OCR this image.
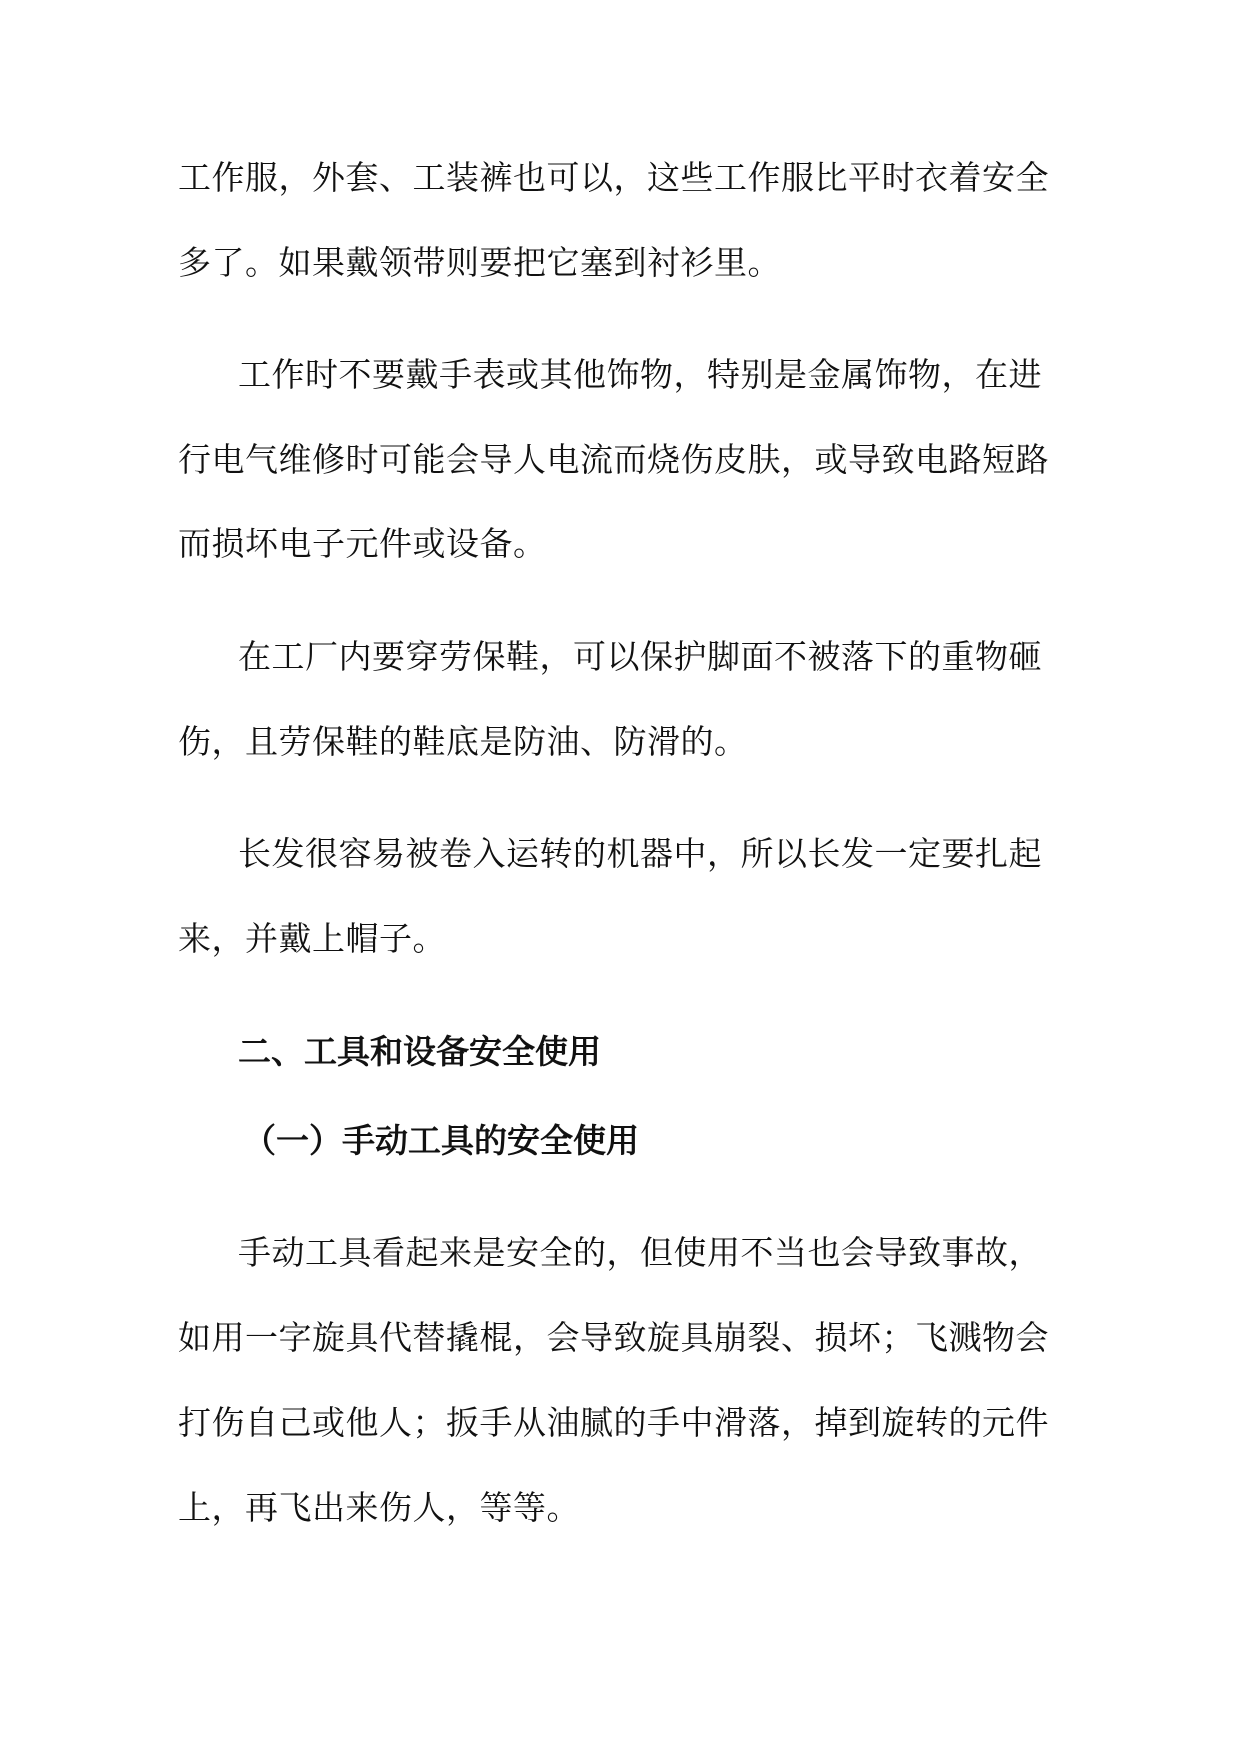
工作服，外套、工装裤也可以，这些工作服比平时衣着安全
多了。如果戴领带则要把它塞到衬衫里。
工作时不要戴手表或其他饰物，特别是金属饰物，在进
行电气维修时可能会导人电流而烧伤皮肤，或导致电路短路
而损坏电子元件或设备。
在工厂内要穿劳保鞋，可以保护脚面不被落下的重物砸
伤，且劳保鞋的鞋底是防油、防滑的。
长发很容易被卷入运转的机器中，所以长发一定要扎起
来，并戴上帽子。
二、工具和设备安全使用
（一）手动工具的安全使用
手动工具看起来是安全的，但使用不当也会导致事故，
如用一字旋具代替撬棍，会导致旋具崩裂、损坏；飞溅物会
打伤自己或他人；扳手从油腻的手中滑落，掉到旋转的元件
上，再飞出来伤人，等等。
